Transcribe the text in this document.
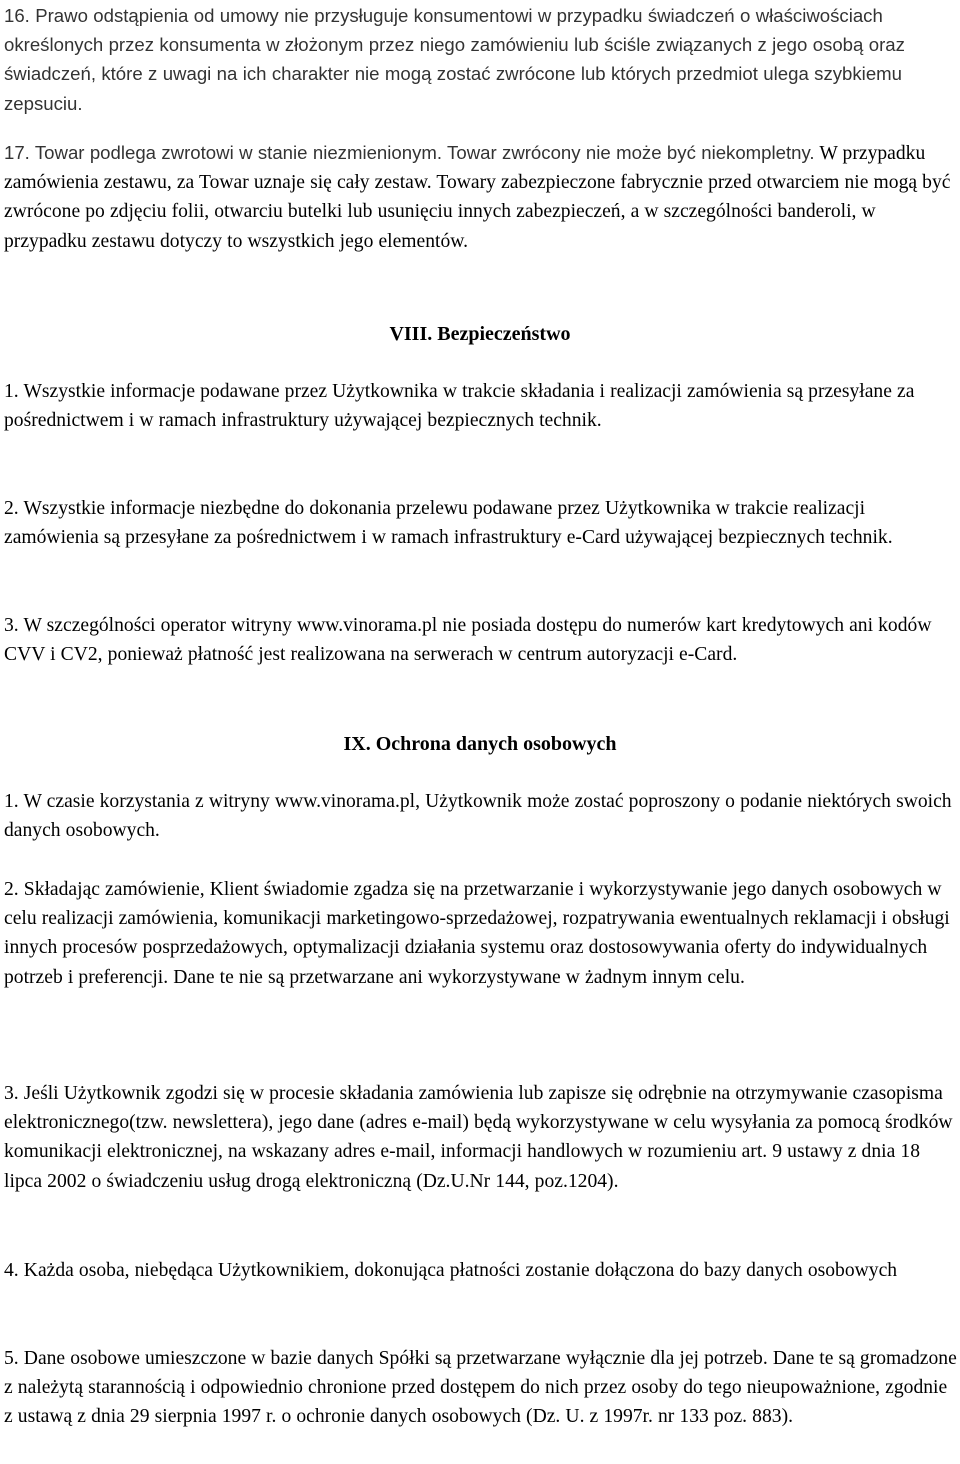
16. Prawo odstąpienia od umowy nie przysługuje konsumentowi w przypadku świadczeń o właściwościach określonych przez konsumenta w złożonym przez niego zamówieniu lub ściśle związanych z jego osobą oraz świadczeń, które z uwagi na ich charakter nie mogą zostać zwrócone lub których przedmiot ulega szybkiemu zepsuciu.

17. Towar podlega zwrotowi w stanie niezmienionym. Towar zwrócony nie może być niekompletny. W przypadku zamówienia zestawu, za Towar uznaje się cały zestaw. Towary zabezpieczone fabrycznie przed otwarciem nie mogą być zwrócone po zdjęciu folii, otwarciu butelki lub usunięciu innych zabezpieczeń, a w szczególności banderoli, w przypadku zestawu dotyczy to wszystkich jego elementów.

VIII. Bezpieczeństwo

1. Wszystkie informacje podawane przez Użytkownika w trakcie składania i realizacji zamówienia są przesyłane za pośrednictwem i w ramach infrastruktury używającej bezpiecznych technik.

2. Wszystkie informacje niezbędne do dokonania przelewu podawane przez Użytkownika w trakcie realizacji zamówienia są przesyłane za pośrednictwem i w ramach infrastruktury e-Card używającej bezpiecznych technik.

3. W szczególności operator witryny www.vinorama.pl nie posiada dostępu do numerów kart kredytowych ani kodów CVV i CV2, ponieważ płatność jest realizowana na serwerach w centrum autoryzacji e-Card.

IX. Ochrona danych osobowych

1. W czasie korzystania z witryny www.vinorama.pl, Użytkownik może zostać poproszony o podanie niektórych swoich danych osobowych.

2. Składając zamówienie, Klient świadomie zgadza się na przetwarzanie i wykorzystywanie jego danych osobowych w celu realizacji zamówienia, komunikacji marketingowo-sprzedażowej, rozpatrywania ewentualnych reklamacji i obsługi innych procesów posprzedażowych, optymalizacji działania systemu oraz dostosowywania oferty do indywidualnych potrzeb i preferencji. Dane te nie są przetwarzane ani wykorzystywane w żadnym innym celu.

3. Jeśli Użytkownik zgodzi się w procesie składania zamówienia lub zapisze się odrębnie na otrzymywanie czasopisma elektronicznego(tzw. newslettera), jego dane (adres e-mail) będą wykorzystywane w celu wysyłania za pomocą środków komunikacji elektronicznej, na wskazany adres e-mail, informacji handlowych w rozumieniu art. 9 ustawy z dnia 18 lipca 2002 o świadczeniu usług drogą elektroniczną (Dz.U.Nr 144, poz.1204).

4. Każda osoba, niebędąca Użytkownikiem, dokonująca płatności zostanie dołączona do bazy danych osobowych

5. Dane osobowe umieszczone w bazie danych Spółki są przetwarzane wyłącznie dla jej potrzeb. Dane te są gromadzone z należytą starannością i odpowiednio chronione przed dostępem do nich przez osoby do tego nieupoważnione, zgodnie z ustawą z dnia 29 sierpnia 1997 r. o ochronie danych osobowych (Dz. U. z 1997r. nr 133 poz. 883).
